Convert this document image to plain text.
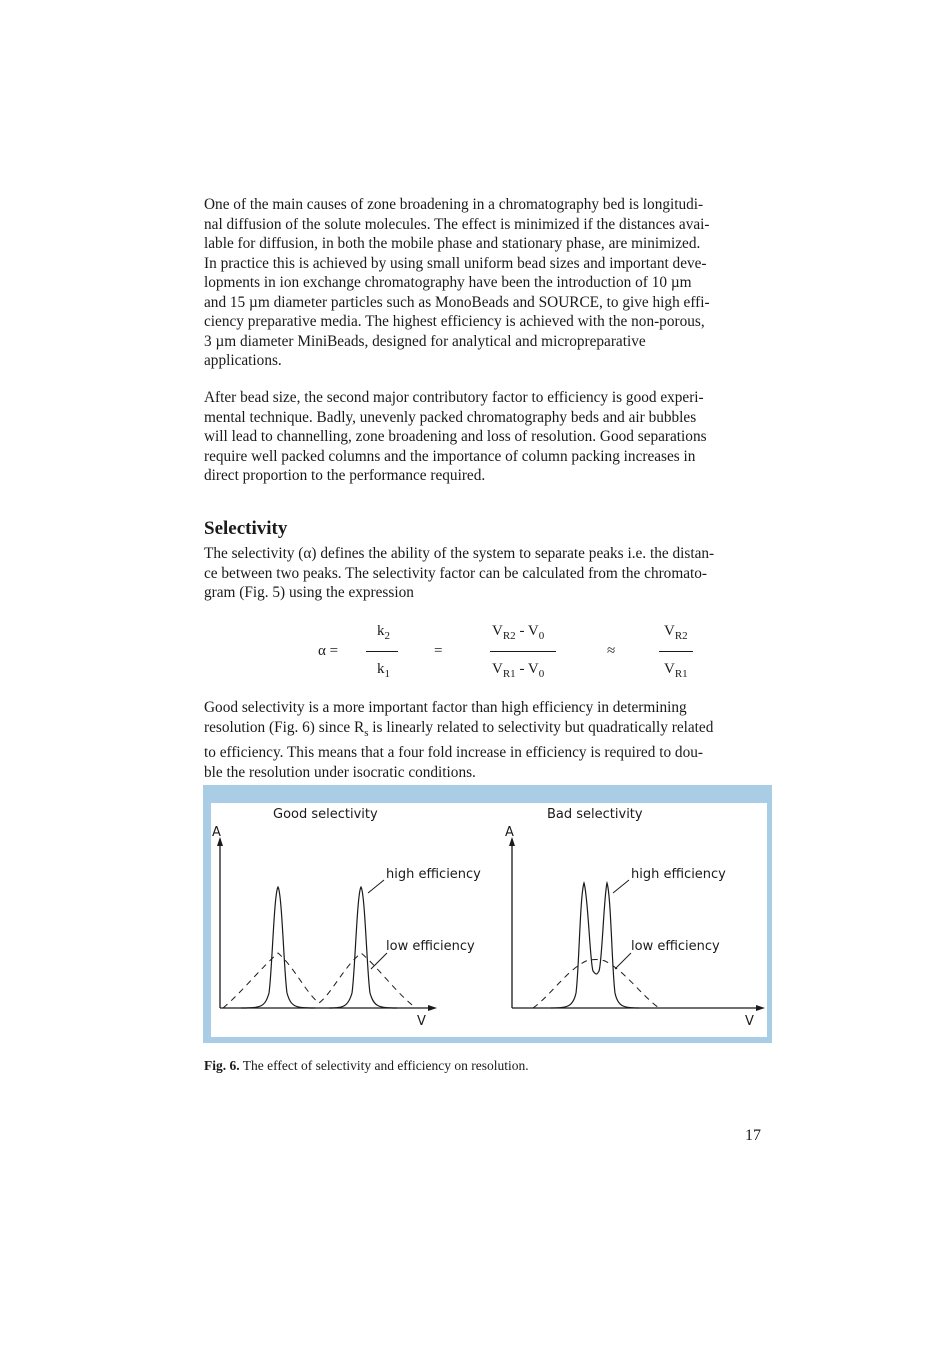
One of the main causes of zone broadening in a chromatography bed is longitudi-
nal diffusion of the solute molecules. The effect is minimized if the distances avai-
lable for diffusion, in both the mobile phase and stationary phase, are minimized.
In practice this is achieved by using small uniform bead sizes and important deve-
lopments in ion exchange chromatography have been the introduction of 10 µm
and 15 µm diameter particles such as MonoBeads and SOURCE, to give high effi-
ciency preparative media. The highest efficiency is achieved with the non-porous,
3 µm diameter MiniBeads, designed for analytical and micropreparative
applications.
After bead size, the second major contributory factor to efficiency is good experi-
mental technique. Badly, unevenly packed chromatography beds and air bubbles
will lead to channelling, zone broadening and loss of resolution. Good separations
require well packed columns and the importance of column packing increases in
direct proportion to the performance required.
Selectivity
The selectivity (α) defines the ability of the system to separate peaks i.e. the distan-
ce between two peaks. The selectivity factor can be calculated from the chromato-
gram (Fig. 5) using the expression
α =
$k_2$
$k_1$
=
$V_{R2} - V_0$
$V_{R1} - V_0$
≈
$V_{R2}$
$V_{R1}$
Good selectivity is a more important factor than high efficiency in determining
resolution (Fig. 6) since $R_s$ is linearly related to selectivity but quadratically related
to efficiency. This means that a four fold increase in efficiency is required to dou-
ble the resolution under isocratic conditions.
Good selectivity	Bad selectivity
A
V
high efficiency
low efficiency
A
V
high efficiency
low efficiency
Fig. 6. The effect of selectivity and efficiency on resolution.
17
